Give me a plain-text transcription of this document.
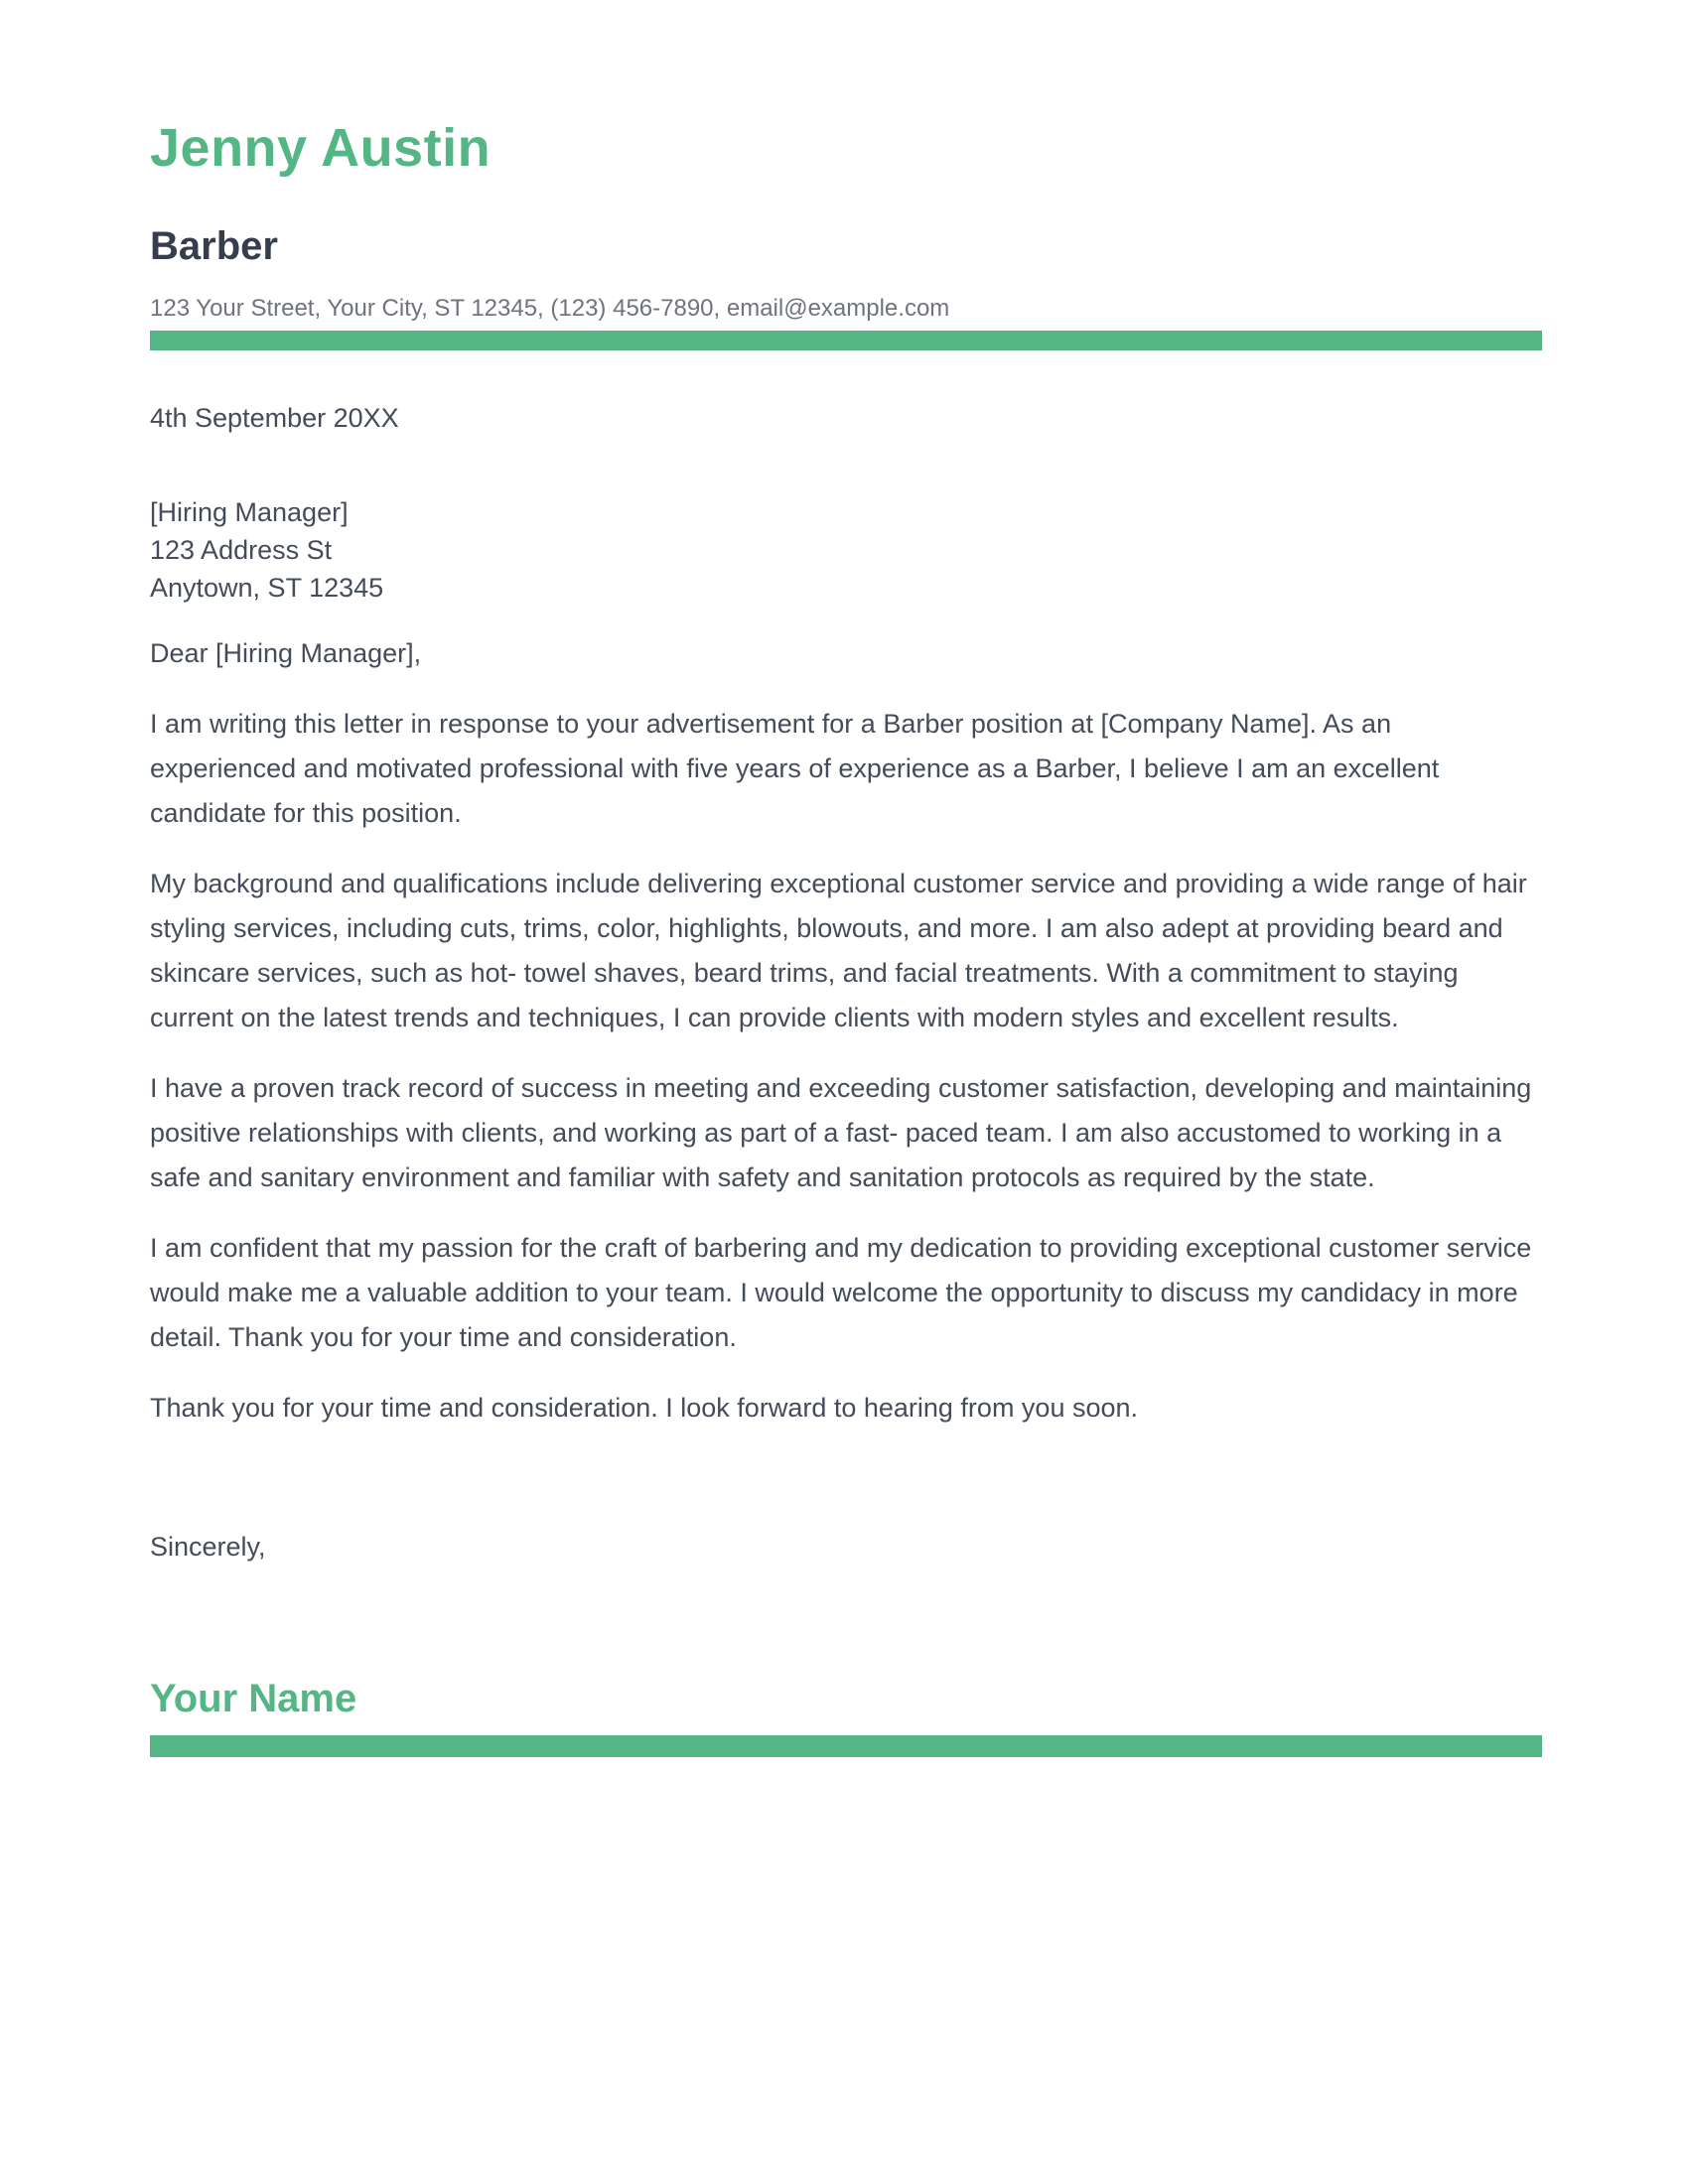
Jenny Austin
Barber

123 Your Street, Your City, ST 12345, (123) 456-7890, email@example.com

4th September 20XX

[Hiring Manager]
123 Address St
Anytown, ST 12345

Dear [Hiring Manager],

I am writing this letter in response to your advertisement for a Barber position at [Company Name]. As an experienced and motivated professional with five years of experience as a Barber, I believe I am an excellent candidate for this position.

My background and qualifications include delivering exceptional customer service and providing a wide range of hair styling services, including cuts, trims, color, highlights, blowouts, and more. I am also adept at providing beard and skincare services, such as hot- towel shaves, beard trims, and facial treatments. With a commitment to staying current on the latest trends and techniques, I can provide clients with modern styles and excellent results.

I have a proven track record of success in meeting and exceeding customer satisfaction, developing and maintaining positive relationships with clients, and working as part of a fast- paced team. I am also accustomed to working in a safe and sanitary environment and familiar with safety and sanitation protocols as required by the state.

I am confident that my passion for the craft of barbering and my dedication to providing exceptional customer service would make me a valuable addition to your team. I would welcome the opportunity to discuss my candidacy in more detail. Thank you for your time and consideration.

Thank you for your time and consideration. I look forward to hearing from you soon.

Sincerely,

Your Name
